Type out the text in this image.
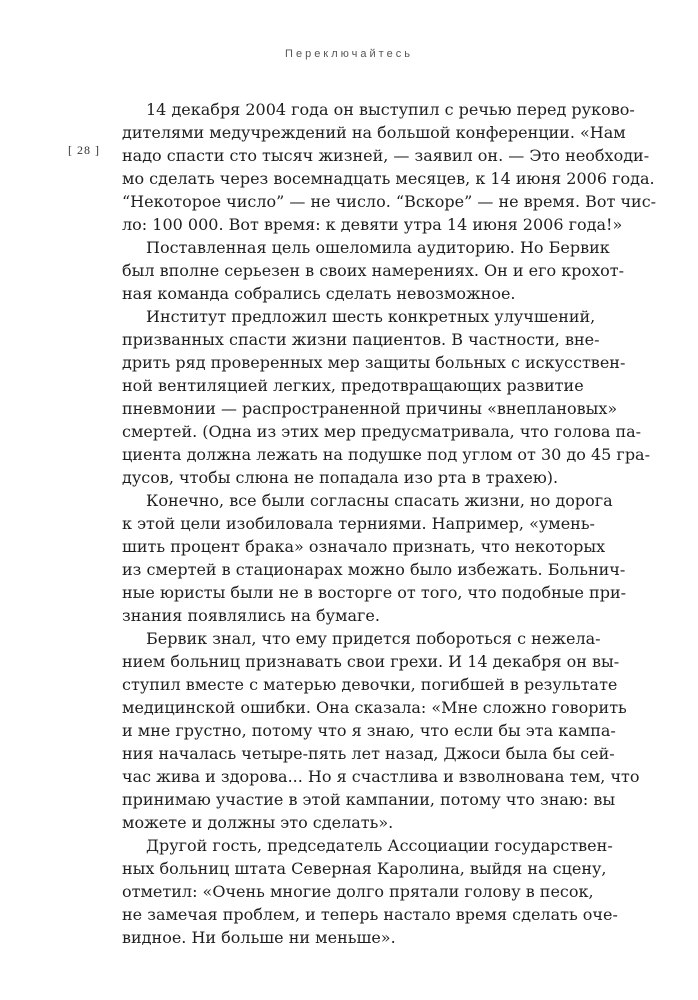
Переключайтесь
[ 28 ]
14 декабря 2004 года он выступил с речью перед руково-
дителями медучреждений на большой конференции. «Нам
надо спасти сто тысяч жизней, — заявил он. — Это необходи-
мо сделать через восемнадцать месяцев, к 14 июня 2006 года.
“Некоторое число” — не число. “Вскоре” — не время. Вот чис-
ло: 100 000. Вот время: к девяти утра 14 июня 2006 года!»
Поставленная цель ошеломила аудиторию. Но Бервик
был вполне серьезен в своих намерениях. Он и его крохот-
ная команда собрались сделать невозможное.
Институт предложил шесть конкретных улучшений,
призванных спасти жизни пациентов. В частности, вне-
дрить ряд проверенных мер защиты больных с искусствен-
ной вентиляцией легких, предотвращающих развитие
пневмонии — распространенной причины «внеплановых»
смертей. (Одна из этих мер предусматривала, что голова па-
циента должна лежать на подушке под углом от 30 до 45 гра-
дусов, чтобы слюна не попадала изо рта в трахею).
Конечно, все были согласны спасать жизни, но дорога
к этой цели изобиловала терниями. Например, «умень-
шить процент брака» означало признать, что некоторых
из смертей в стационарах можно было избежать. Больнич-
ные юристы были не в восторге от того, что подобные при-
знания появлялись на бумаге.
Бервик знал, что ему придется побороться с нежела-
нием больниц признавать свои грехи. И 14 декабря он вы-
ступил вместе с матерью девочки, погибшей в результате
медицинской ошибки. Она сказала: «Мне сложно говорить
и мне грустно, потому что я знаю, что если бы эта кампа-
ния началась четыре-пять лет назад, Джоси была бы сей-
час жива и здорова... Но я счастлива и взволнована тем, что
принимаю участие в этой кампании, потому что знаю: вы
можете и должны это сделать».
Другой гость, председатель Ассоциации государствен-
ных больниц штата Северная Каролина, выйдя на сцену,
отметил: «Очень многие долго прятали голову в песок,
не замечая проблем, и теперь настало время сделать оче-
видное. Ни больше ни меньше».
